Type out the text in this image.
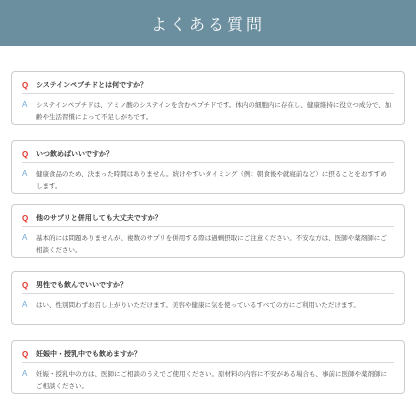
よくある質問
Q	システインペプチドとは何ですか？
A	システインペプチドは、アミノ酸のシステインを含むペプチドです。体内の細胞内に存在し、健康維持に役立つ成分で、加齢や生活習慣によって不足しがちです。
Q	いつ飲めばいいですか？
A	健康食品のため、決まった時間はありません。続けやすいタイミング（例：朝食後や就寝前など）に摂ることをおすすめします。
Q	他のサプリと併用しても大丈夫ですか？
A	基本的には問題ありませんが、複数のサプリを併用する際は過剰摂取にご注意ください。不安な方は、医師や薬剤師にご相談ください。
Q	男性でも飲んでいいですか？
A	はい、性別問わずお召し上がりいただけます。美容や健康に気を使っているすべての方にご利用いただけます。
Q	妊娠中・授乳中でも飲めますか？
A	妊娠・授乳中の方は、医師にご相談のうえでご使用ください。原材料の内容に不安がある場合も、事前に医師や薬剤師にご相談ください。
